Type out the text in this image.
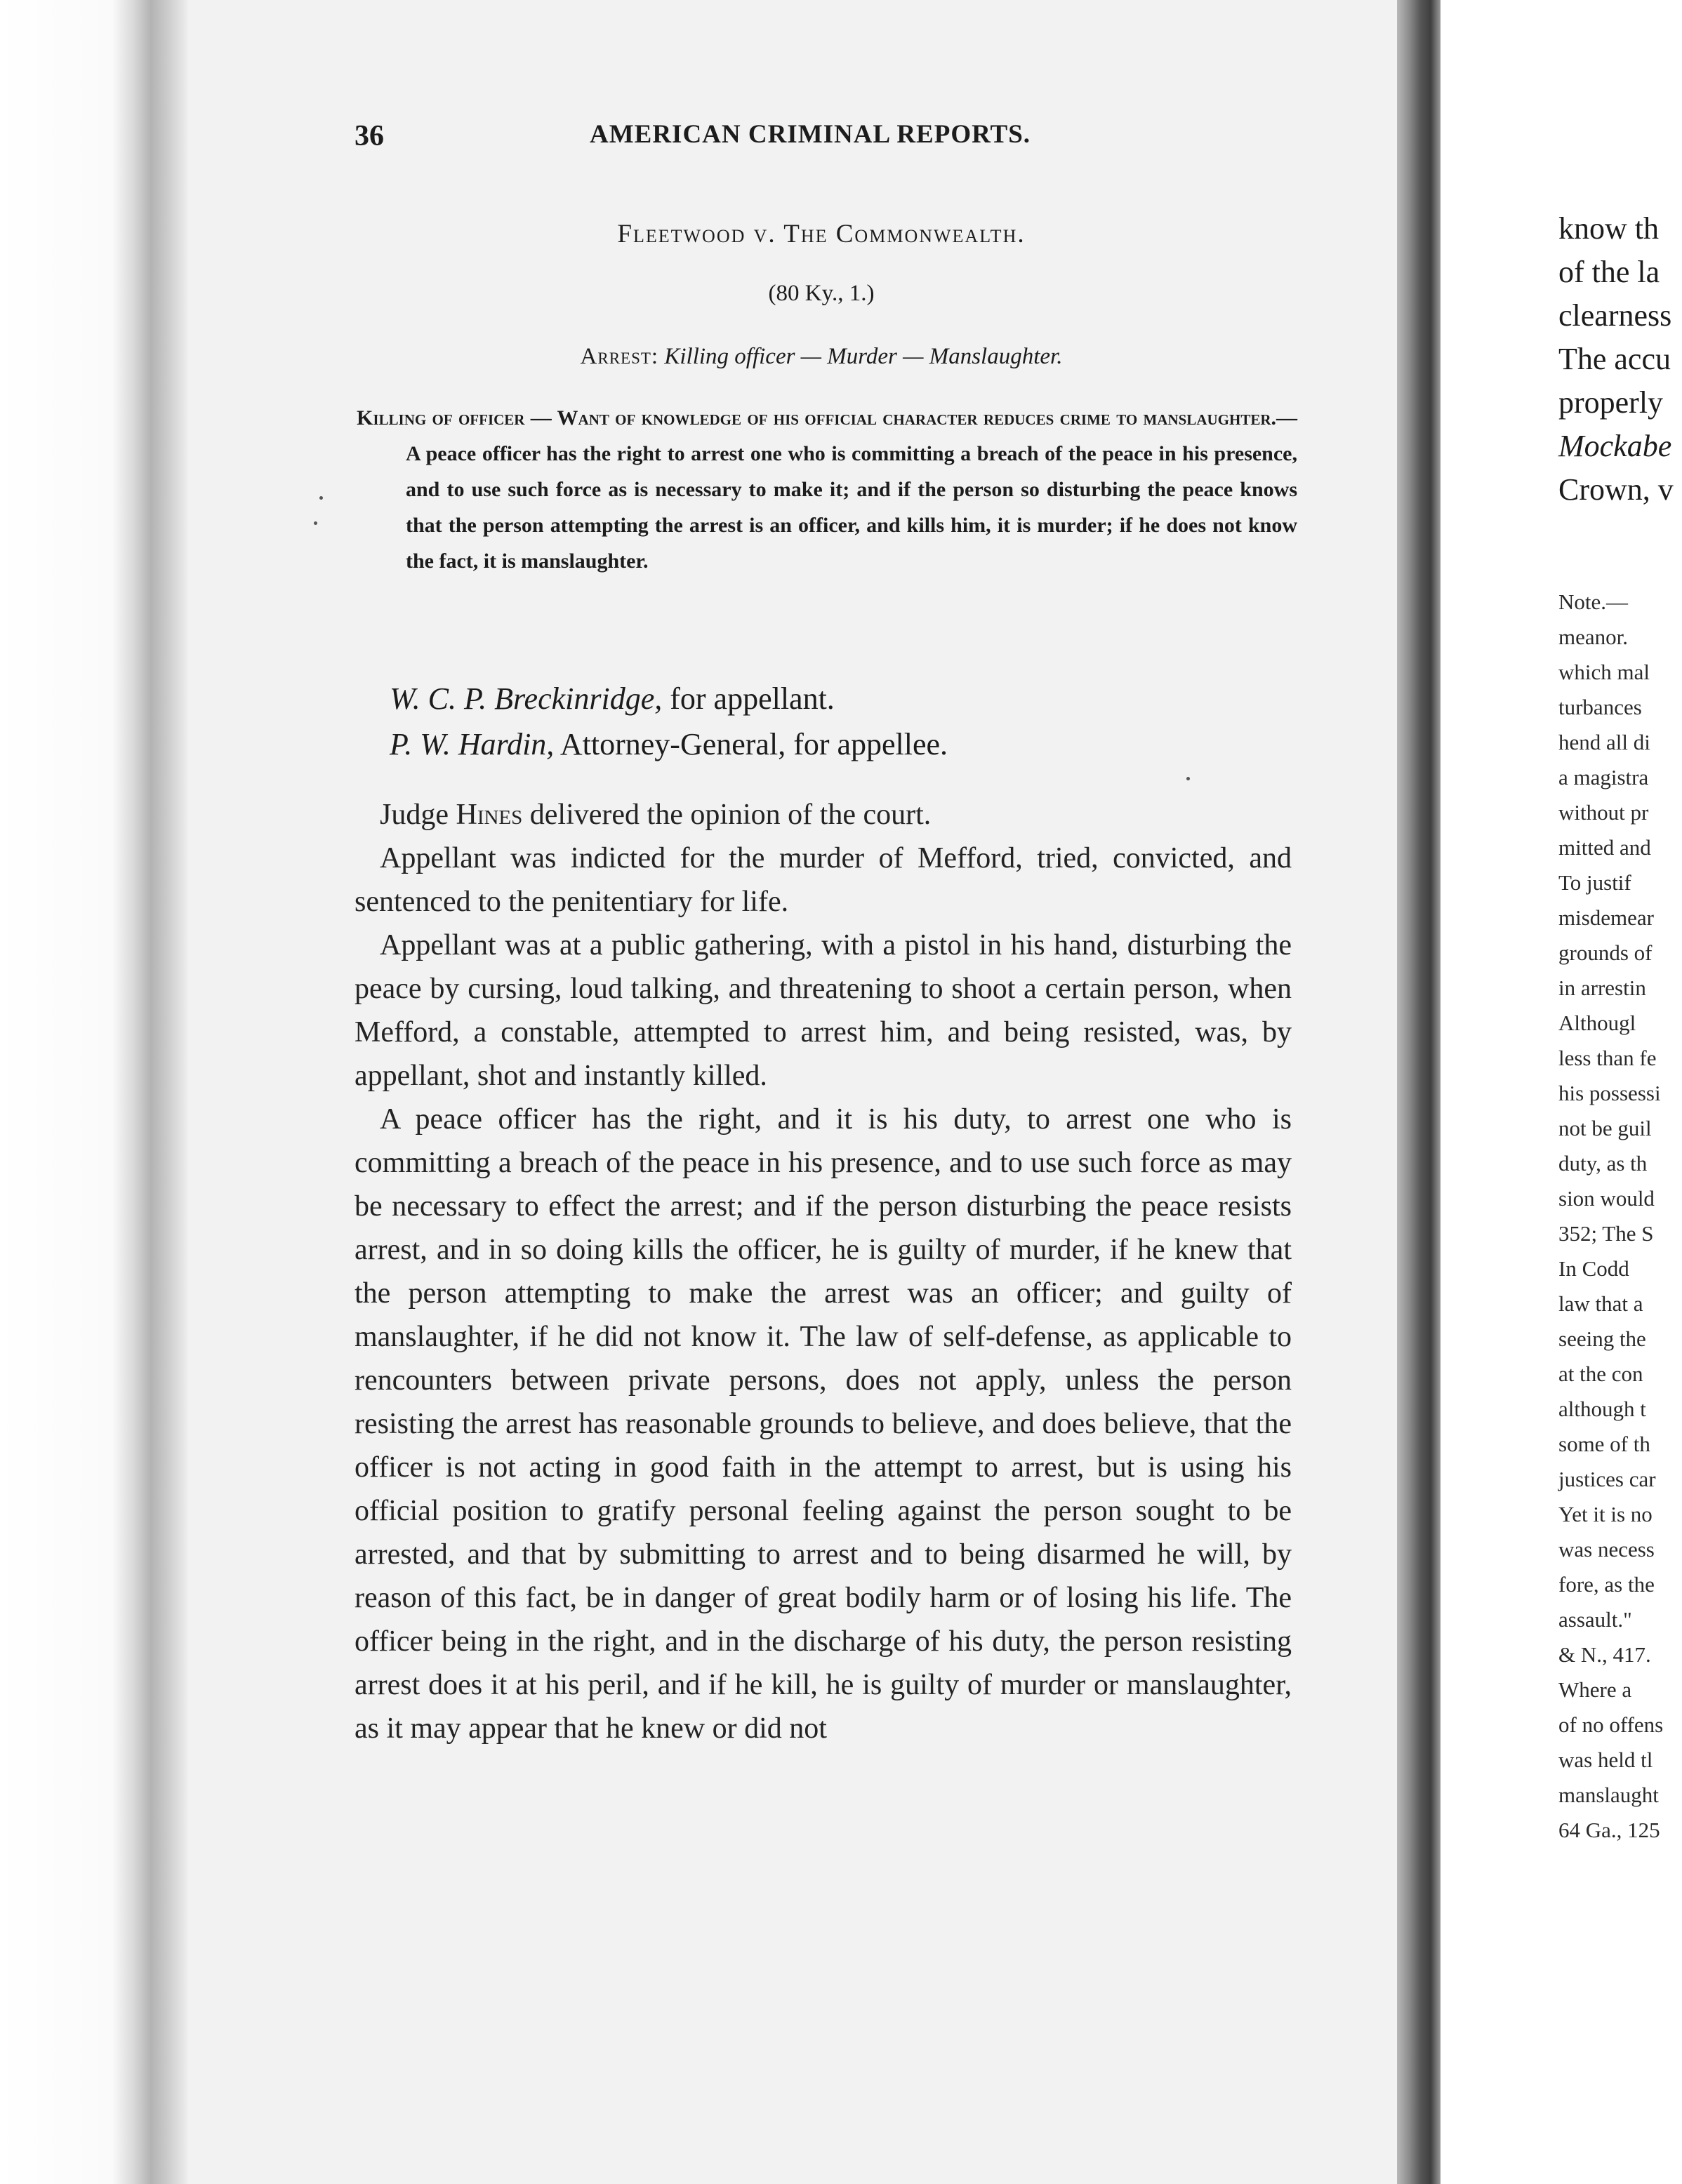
know th
of the la
clearness
The accu
properly
Mockabe
Crown, v
Note.—
meanor.
which mal
turbances
hend all di
a magistra
without pr
mitted and
To justif
misdemear
grounds of
in arrestin
Althougl
less than fe
his possessi
not be guil
duty, as th
sion would
352; The S
In Codd
law that a
seeing the
at the con
although t
some of th
justices car
Yet it is no
was necess
fore, as the
assault."
& N., 417.
Where a
of no offens
was held tl
manslaught
64 Ga., 125
36	AMERICAN CRIMINAL REPORTS.
Fleetwood v. The Commonwealth.
(80 Ky., 1.)
Arrest: Killing officer — Murder — Manslaughter.
Killing of officer — Want of knowledge of his official character reduces crime to manslaughter.— A peace officer has the right to arrest one who is committing a breach of the peace in his presence, and to use such force as is necessary to make it; and if the person so disturbing the peace knows that the person attempting the arrest is an officer, and kills him, it is murder; if he does not know the fact, it is manslaughter.
W. C. P. Breckinridge, for appellant.
P. W. Hardin, Attorney-General, for appellee.

Judge Hines delivered the opinion of the court.

Appellant was indicted for the murder of Mefford, tried, convicted, and sentenced to the penitentiary for life.

Appellant was at a public gathering, with a pistol in his hand, disturbing the peace by cursing, loud talking, and threatening to shoot a certain person, when Mefford, a constable, attempted to arrest him, and being resisted, was, by appellant, shot and instantly killed.

A peace officer has the right, and it is his duty, to arrest one who is committing a breach of the peace in his presence, and to use such force as may be necessary to effect the arrest; and if the person disturbing the peace resists arrest, and in so doing kills the officer, he is guilty of murder, if he knew that the person attempting to make the arrest was an officer; and guilty of manslaughter, if he did not know it. The law of self-defense, as applicable to rencounters between private persons, does not apply, unless the person resisting the arrest has reasonable grounds to believe, and does believe, that the officer is not acting in good faith in the attempt to arrest, but is using his official position to gratify personal feeling against the person sought to be arrested, and that by submitting to arrest and to being disarmed he will, by reason of this fact, be in danger of great bodily harm or of losing his life. The officer being in the right, and in the discharge of his duty, the person resisting arrest does it at his peril, and if he kill, he is guilty of murder or manslaughter, as it may appear that he knew or did not
